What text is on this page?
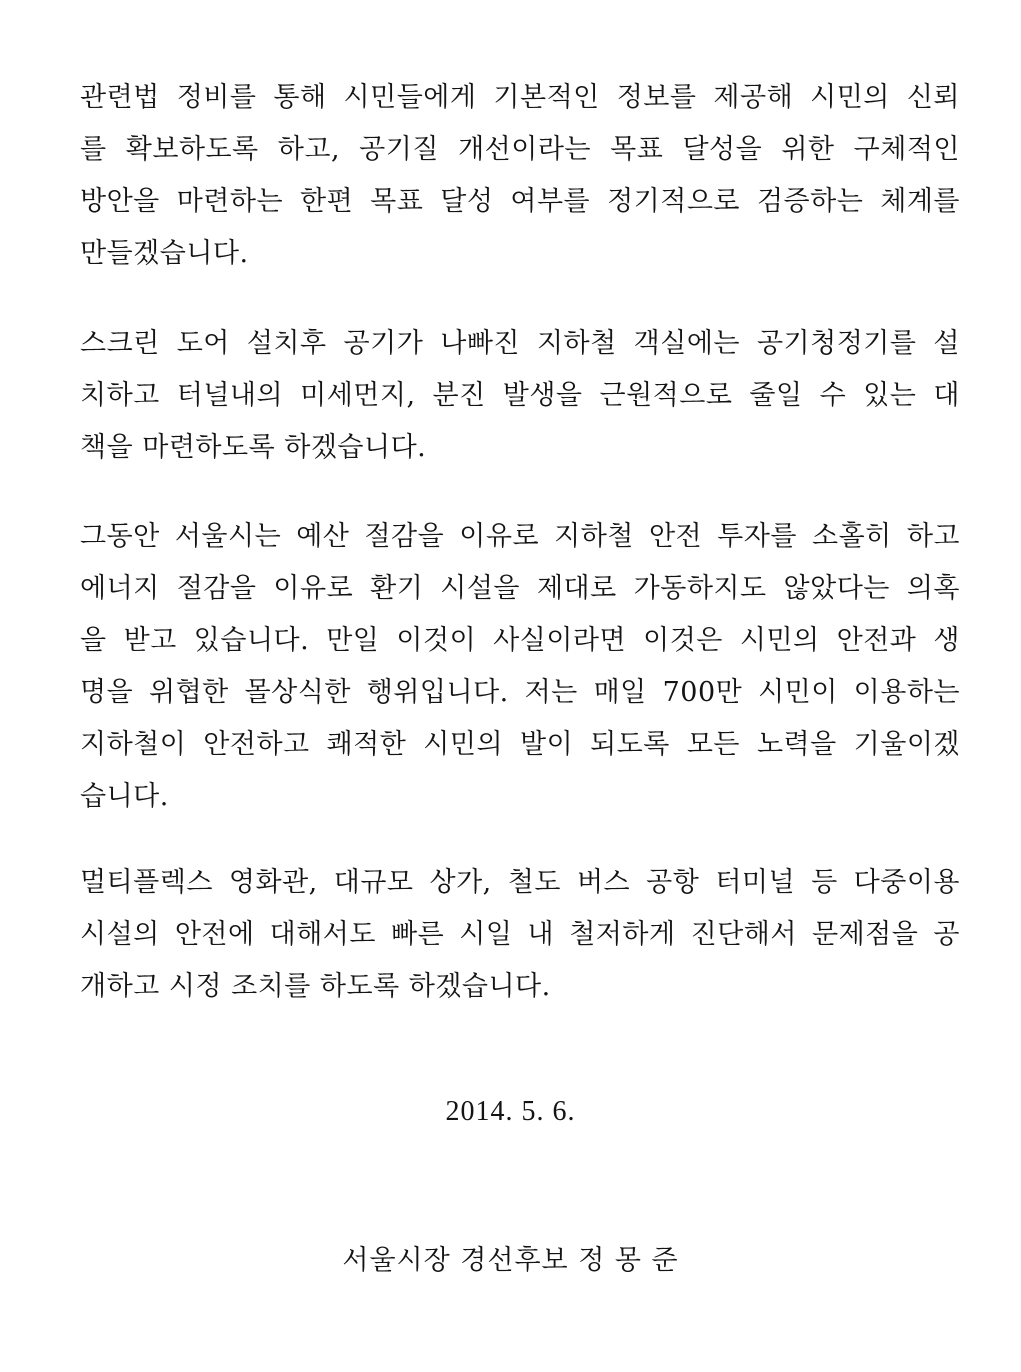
관련법 정비를 통해 시민들에게 기본적인 정보를 제공해 시민의 신뢰
를 확보하도록 하고, 공기질 개선이라는 목표 달성을 위한 구체적인
방안을 마련하는 한편 목표 달성 여부를 정기적으로 검증하는 체계를
만들겠습니다.
스크린 도어 설치후 공기가 나빠진 지하철 객실에는 공기청정기를 설
치하고 터널내의 미세먼지, 분진 발생을 근원적으로 줄일 수 있는 대
책을 마련하도록 하겠습니다.
그동안 서울시는 예산 절감을 이유로 지하철 안전 투자를 소홀히 하고
에너지 절감을 이유로 환기 시설을 제대로 가동하지도 않았다는 의혹
을 받고 있습니다. 만일 이것이 사실이라면 이것은 시민의 안전과 생
명을 위협한 몰상식한 행위입니다. 저는 매일 700만 시민이 이용하는
지하철이 안전하고 쾌적한 시민의 발이 되도록 모든 노력을 기울이겠
습니다.
멀티플렉스 영화관, 대규모 상가, 철도 버스 공항 터미널 등 다중이용
시설의 안전에 대해서도 빠른 시일 내 철저하게 진단해서 문제점을 공
개하고 시정 조치를 하도록 하겠습니다.
2014. 5. 6.
서울시장 경선후보 정 몽 준
